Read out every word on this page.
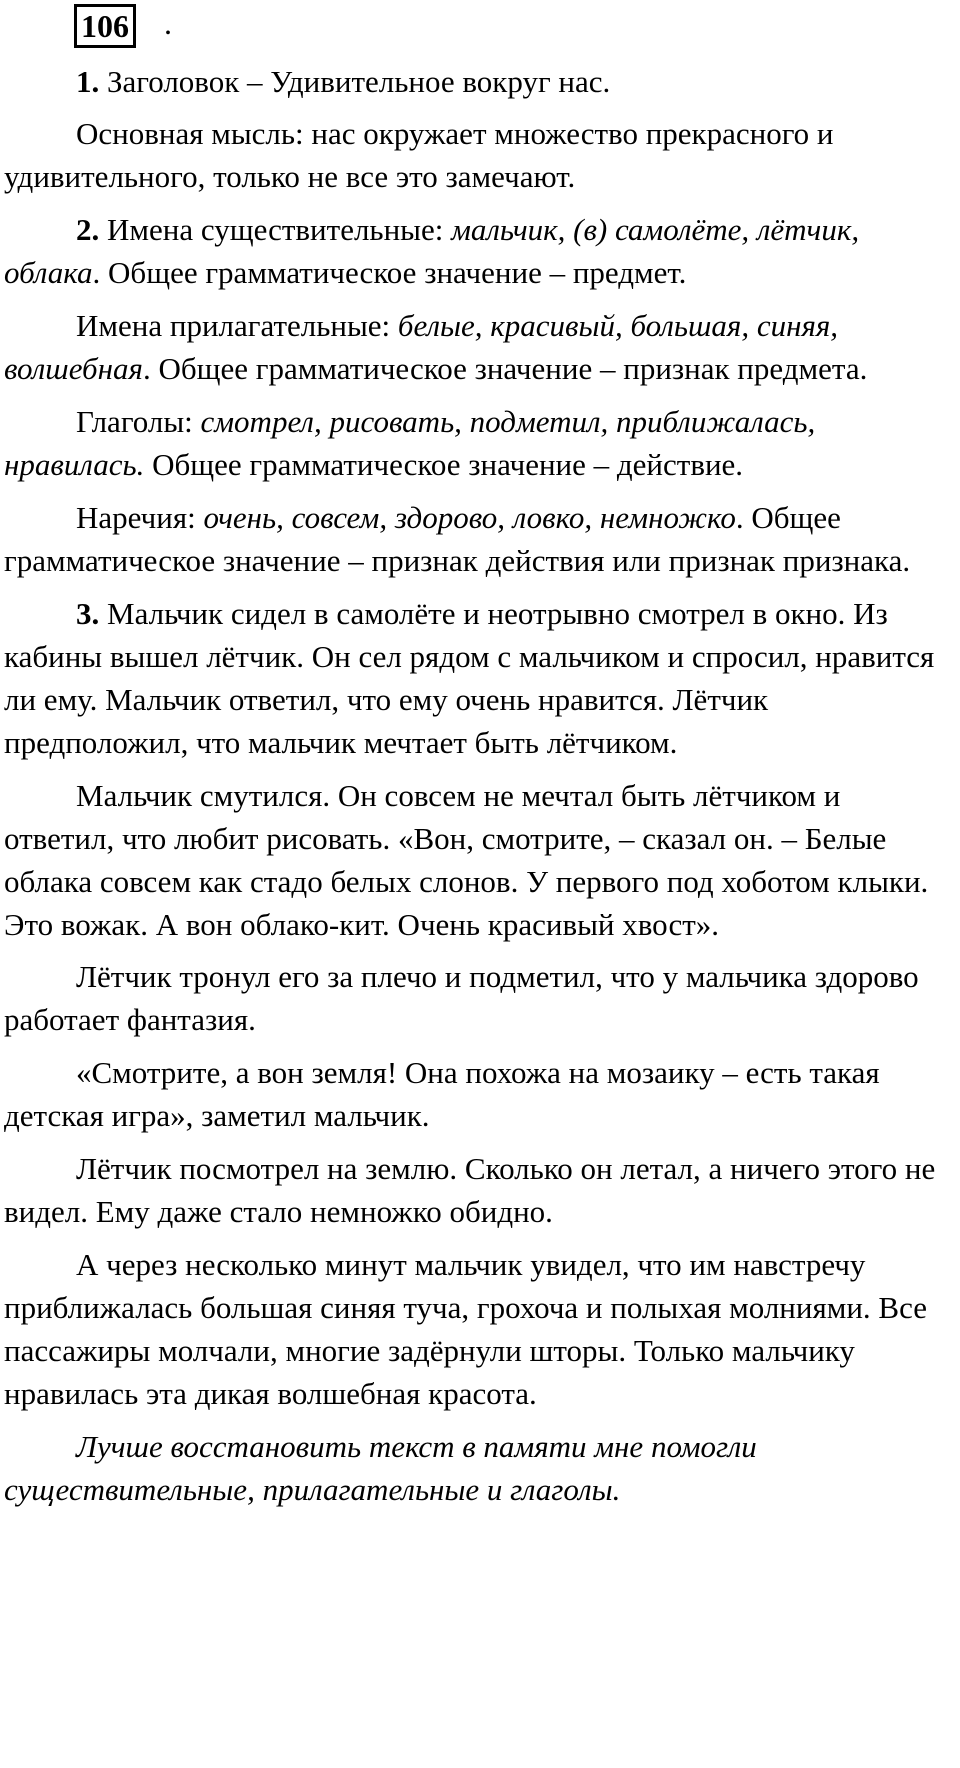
106 .

1. Заголовок – Удивительное вокруг нас.

Основная мысль: нас окружает множество прекрасного и удивительного, только не все это замечают.

2. Имена существительные: мальчик, (в) самолёте, лётчик, облака. Общее грамматическое значение – предмет.

Имена прилагательные: белые, красивый, большая, синяя, волшебная. Общее грамматическое значение – признак предмета.

Глаголы: смотрел, рисовать, подметил, приближалась, нравилась. Общее грамматическое значение – действие.

Наречия: очень, совсем, здорово, ловко, немножко. Общее грамматическое значение – признак действия или признак признака.

3. Мальчик сидел в самолёте и неотрывно смотрел в окно. Из кабины вышел лётчик. Он сел рядом с мальчиком и спросил, нравится ли ему. Мальчик ответил, что ему очень нравится. Лётчик предположил, что мальчик мечтает быть лётчиком.

Мальчик смутился. Он совсем не мечтал быть лётчиком и ответил, что любит рисовать. «Вон, смотрите, – сказал он. – Белые облака совсем как стадо белых слонов. У первого под хоботом клыки. Это вожак. А вон облако-кит. Очень красивый хвост».

Лётчик тронул его за плечо и подметил, что у мальчика здорово работает фантазия.

«Смотрите, а вон земля! Она похожа на мозаику – есть такая детская игра», заметил мальчик.

Лётчик посмотрел на землю. Сколько он летал, а ничего этого не видел. Ему даже стало немножко обидно.

А через несколько минут мальчик увидел, что им навстречу приближалась большая синяя туча, грохоча и полыхая молниями. Все пассажиры молчали, многие задёрнули шторы. Только мальчику нравилась эта дикая волшебная красота.

Лучше восстановить текст в памяти мне помогли существительные, прилагательные и глаголы.
